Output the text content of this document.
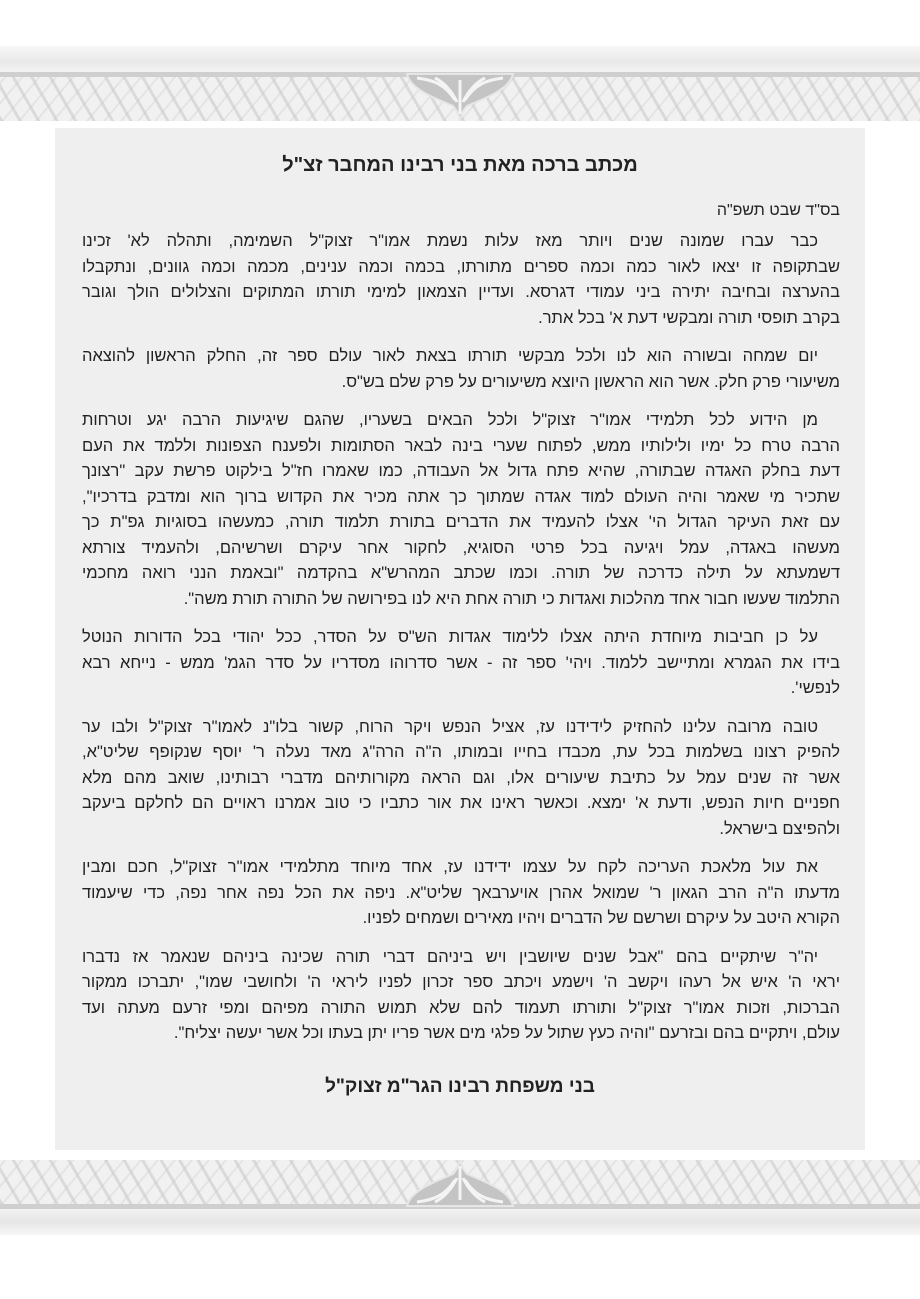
מכתב ברכה מאת בני רבינו המחבר זצ"ל
בס"ד שבט תשפ"ה
כבר עברו שמונה שנים ויותר מאז עלות נשמת אמו"ר זצוק"ל השמימה, ותהלה לא' זכינו
שבתקופה זו יצאו לאור כמה וכמה ספרים מתורתו, בכמה וכמה ענינים, מכמה וכמה גוונים, ונתקבלו
בהערצה ובחיבה יתירה ביני עמודי דגרסא. ועדיין הצמאון למימי תורתו המתוקים והצלולים הולך וגובר
בקרב תופסי תורה ומבקשי דעת א' בכל אתר.
יום שמחה ובשורה הוא לנו ולכל מבקשי תורתו בצאת לאור עולם ספר זה, החלק הראשון להוצאה
משיעורי פרק חלק. אשר הוא הראשון היוצא משיעורים על פרק שלם בש"ס.
מן הידוע לכל תלמידי אמו"ר זצוק"ל ולכל הבאים בשעריו, שהגם שיגיעות הרבה יגע וטרחות
הרבה טרח כל ימיו ולילותיו ממש, לפתוח שערי בינה לבאר הסתומות ולפענח הצפונות וללמד את העם
דעת בחלק האגדה שבתורה, שהיא פתח גדול אל העבודה, כמו שאמרו חז"ל בילקוט פרשת עקב "רצונך
שתכיר מי שאמר והיה העולם למוד אגדה שמתוך כך אתה מכיר את הקדוש ברוך הוא ומדבק בדרכיו",
עם זאת העיקר הגדול הי' אצלו להעמיד את הדברים בתורת תלמוד תורה, כמעשהו בסוגיות גפ"ת כך
מעשהו באגדה, עמל ויגיעה בכל פרטי הסוגיא, לחקור אחר עיקרם ושרשיהם, ולהעמיד צורתא
דשמעתא על תילה כדרכה של תורה. וכמו שכתב המהרש"א בהקדמה "ובאמת הנני רואה מחכמי
התלמוד שעשו חבור אחד מהלכות ואגדות כי תורה אחת היא לנו בפירושה של התורה תורת משה".
על כן חביבות מיוחדת היתה אצלו ללימוד אגדות הש"ס על הסדר, ככל יהודי בכל הדורות הנוטל
בידו את הגמרא ומתיישב ללמוד. ויהי' ספר זה - אשר סדרוהו מסדריו על סדר הגמ' ממש - נייחא רבא
לנפשי'.
טובה מרובה עלינו להחזיק לידידנו עז, אציל הנפש ויקר הרוח, קשור בלו"נ לאמו"ר זצוק"ל ולבו ער
להפיק רצונו בשלמות בכל עת, מכבדו בחייו ובמותו, ה"ה הרה"ג מאד נעלה ר' יוסף שנקופף שליט"א,
אשר זה שנים עמל על כתיבת שיעורים אלו, וגם הראה מקורותיהם מדברי רבותינו, שואב מהם מלא
חפניים חיות הנפש, ודעת א' ימצא. וכאשר ראינו את אור כתביו כי טוב אמרנו ראויים הם לחלקם ביעקב
ולהפיצם בישראל.
את עול מלאכת העריכה לקח על עצמו ידידנו עז, אחד מיוחד מתלמידי אמו"ר זצוק"ל, חכם ומבין
מדעתו ה"ה הרב הגאון ר' שמואל אהרן אויערבאך שליט"א. ניפה את הכל נפה אחר נפה, כדי שיעמוד
הקורא היטב על עיקרם ושרשם של הדברים ויהיו מאירים ושמחים לפניו.
יה"ר שיתקיים בהם "אבל שנים שיושבין ויש ביניהם דברי תורה שכינה ביניהם שנאמר אז נדברו
יראי ה' איש אל רעהו ויקשב ה' וישמע ויכתב ספר זכרון לפניו ליראי ה' ולחושבי שמו", יתברכו ממקור
הברכות, וזכות אמו"ר זצוק"ל ותורתו תעמוד להם שלא תמוש התורה מפיהם ומפי זרעם מעתה ועד
עולם, ויתקיים בהם ובזרעם "והיה כעץ שתול על פלגי מים אשר פריו יתן בעתו וכל אשר יעשה יצליח".
בני משפחת רבינו הגר"מ זצוק"ל
